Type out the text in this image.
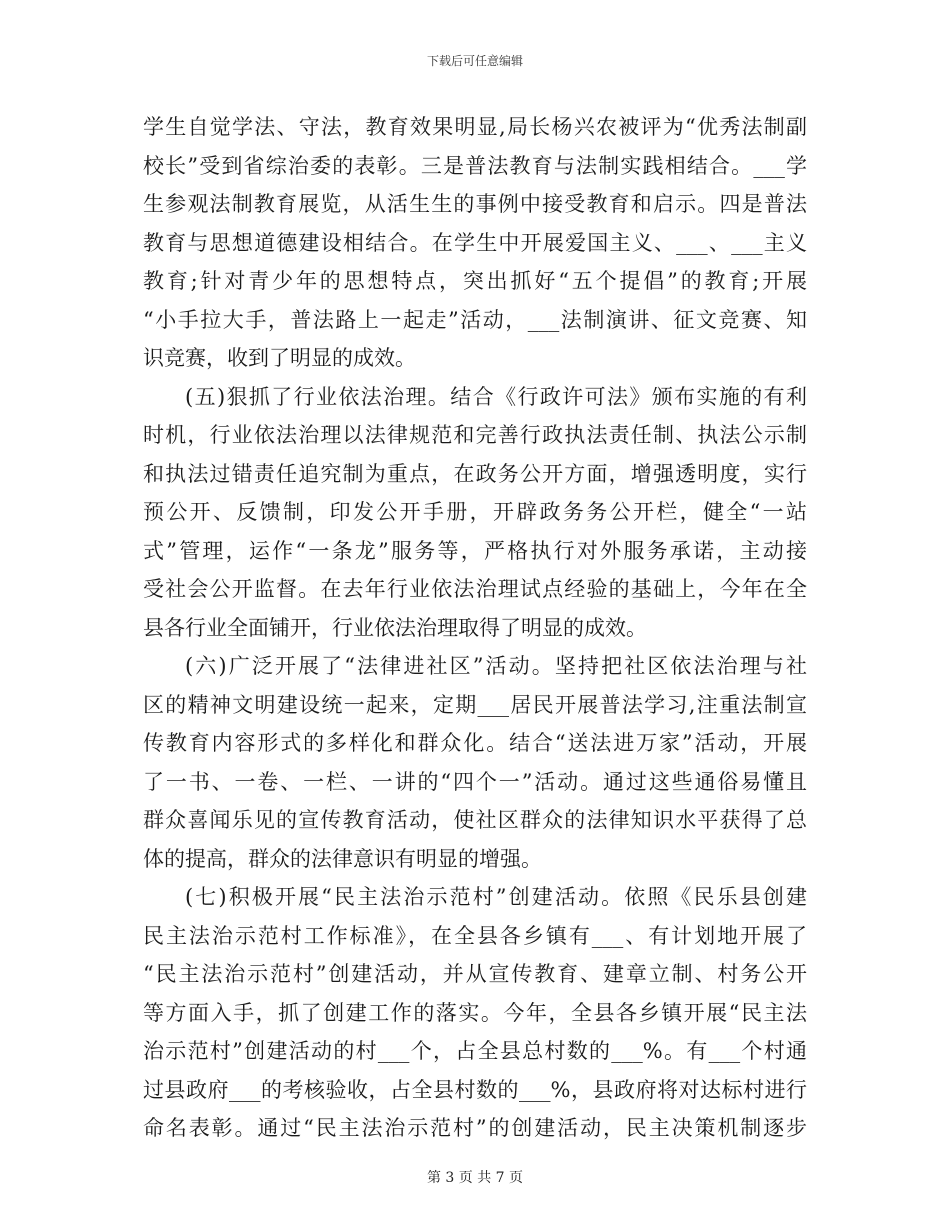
下载后可任意编辑
学生自觉学法、守法，教育效果明显,局长杨兴农被评为“优秀法制副
校长”受到省综治委的表彰。三是普法教育与法制实践相结合。___学
生参观法制教育展览，从活生生的事例中接受教育和启示。四是普法
教育与思想道德建设相结合。在学生中开展爱国主义、___、___主义
教育;针对青少年的思想特点，突出抓好“五个提倡”的教育;开展
“小手拉大手，普法路上一起走”活动，___法制演讲、征文竞赛、知
识竞赛，收到了明显的成效。
(五)狠抓了行业依法治理。结合《行政许可法》颁布实施的有利
时机，行业依法治理以法律规范和完善行政执法责任制、执法公示制
和执法过错责任追究制为重点，在政务公开方面，增强透明度，实行
预公开、反馈制，印发公开手册，开辟政务务公开栏，健全“一站
式”管理，运作“一条龙”服务等，严格执行对外服务承诺，主动接
受社会公开监督。在去年行业依法治理试点经验的基础上，今年在全
县各行业全面铺开，行业依法治理取得了明显的成效。
(六)广泛开展了“法律进社区”活动。坚持把社区依法治理与社
区的精神文明建设统一起来，定期___居民开展普法学习,注重法制宣
传教育内容形式的多样化和群众化。结合“送法进万家”活动，开展
了一书、一卷、一栏、一讲的“四个一”活动。通过这些通俗易懂且
群众喜闻乐见的宣传教育活动，使社区群众的法律知识水平获得了总
体的提高，群众的法律意识有明显的增强。
(七)积极开展“民主法治示范村”创建活动。依照《民乐县创建
民主法治示范村工作标准》，在全县各乡镇有___、有计划地开展了
“民主法治示范村”创建活动，并从宣传教育、建章立制、村务公开
等方面入手，抓了创建工作的落实。今年，全县各乡镇开展“民主法
治示范村”创建活动的村___个，占全县总村数的___%。有___个村通
过县政府___的考核验收，占全县村数的___%，县政府将对达标村进行
命名表彰。通过“民主法治示范村”的创建活动，民主决策机制逐步
第 3 页 共 7 页
